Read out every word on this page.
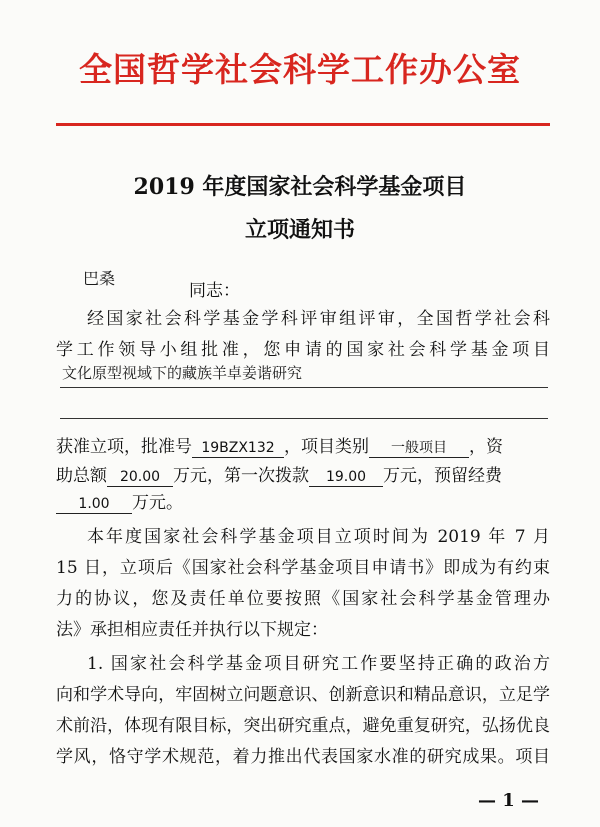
全国哲学社会科学工作办公室
2019 年度国家社会科学基金项目
立项通知书
巴桑
同志：
经国家社会科学基金学科评审组评审，全国哲学社会科
学工作领导小组批准，您申请的国家社会科学基金项目
文化原型视域下的藏族羊卓姜谐研究
获准立项，批准号 19BZX132 ，项目类别 一般项目 ，资
助总额 20.00 万元，第一次拨款 19.00 万元，预留经费
1.00 万元。
本年度国家社会科学基金项目立项时间为 2019 年 7 月
15 日，立项后《国家社会科学基金项目申请书》即成为有约束
力的协议，您及责任单位要按照《国家社会科学基金管理办
法》承担相应责任并执行以下规定：
1. 国家社会科学基金项目研究工作要坚持正确的政治方
向和学术导向，牢固树立问题意识、创新意识和精品意识，立足学
术前沿，体现有限目标，突出研究重点，避免重复研究，弘扬优良
学风，恪守学术规范，着力推出代表国家水准的研究成果。项目
— 1 —
